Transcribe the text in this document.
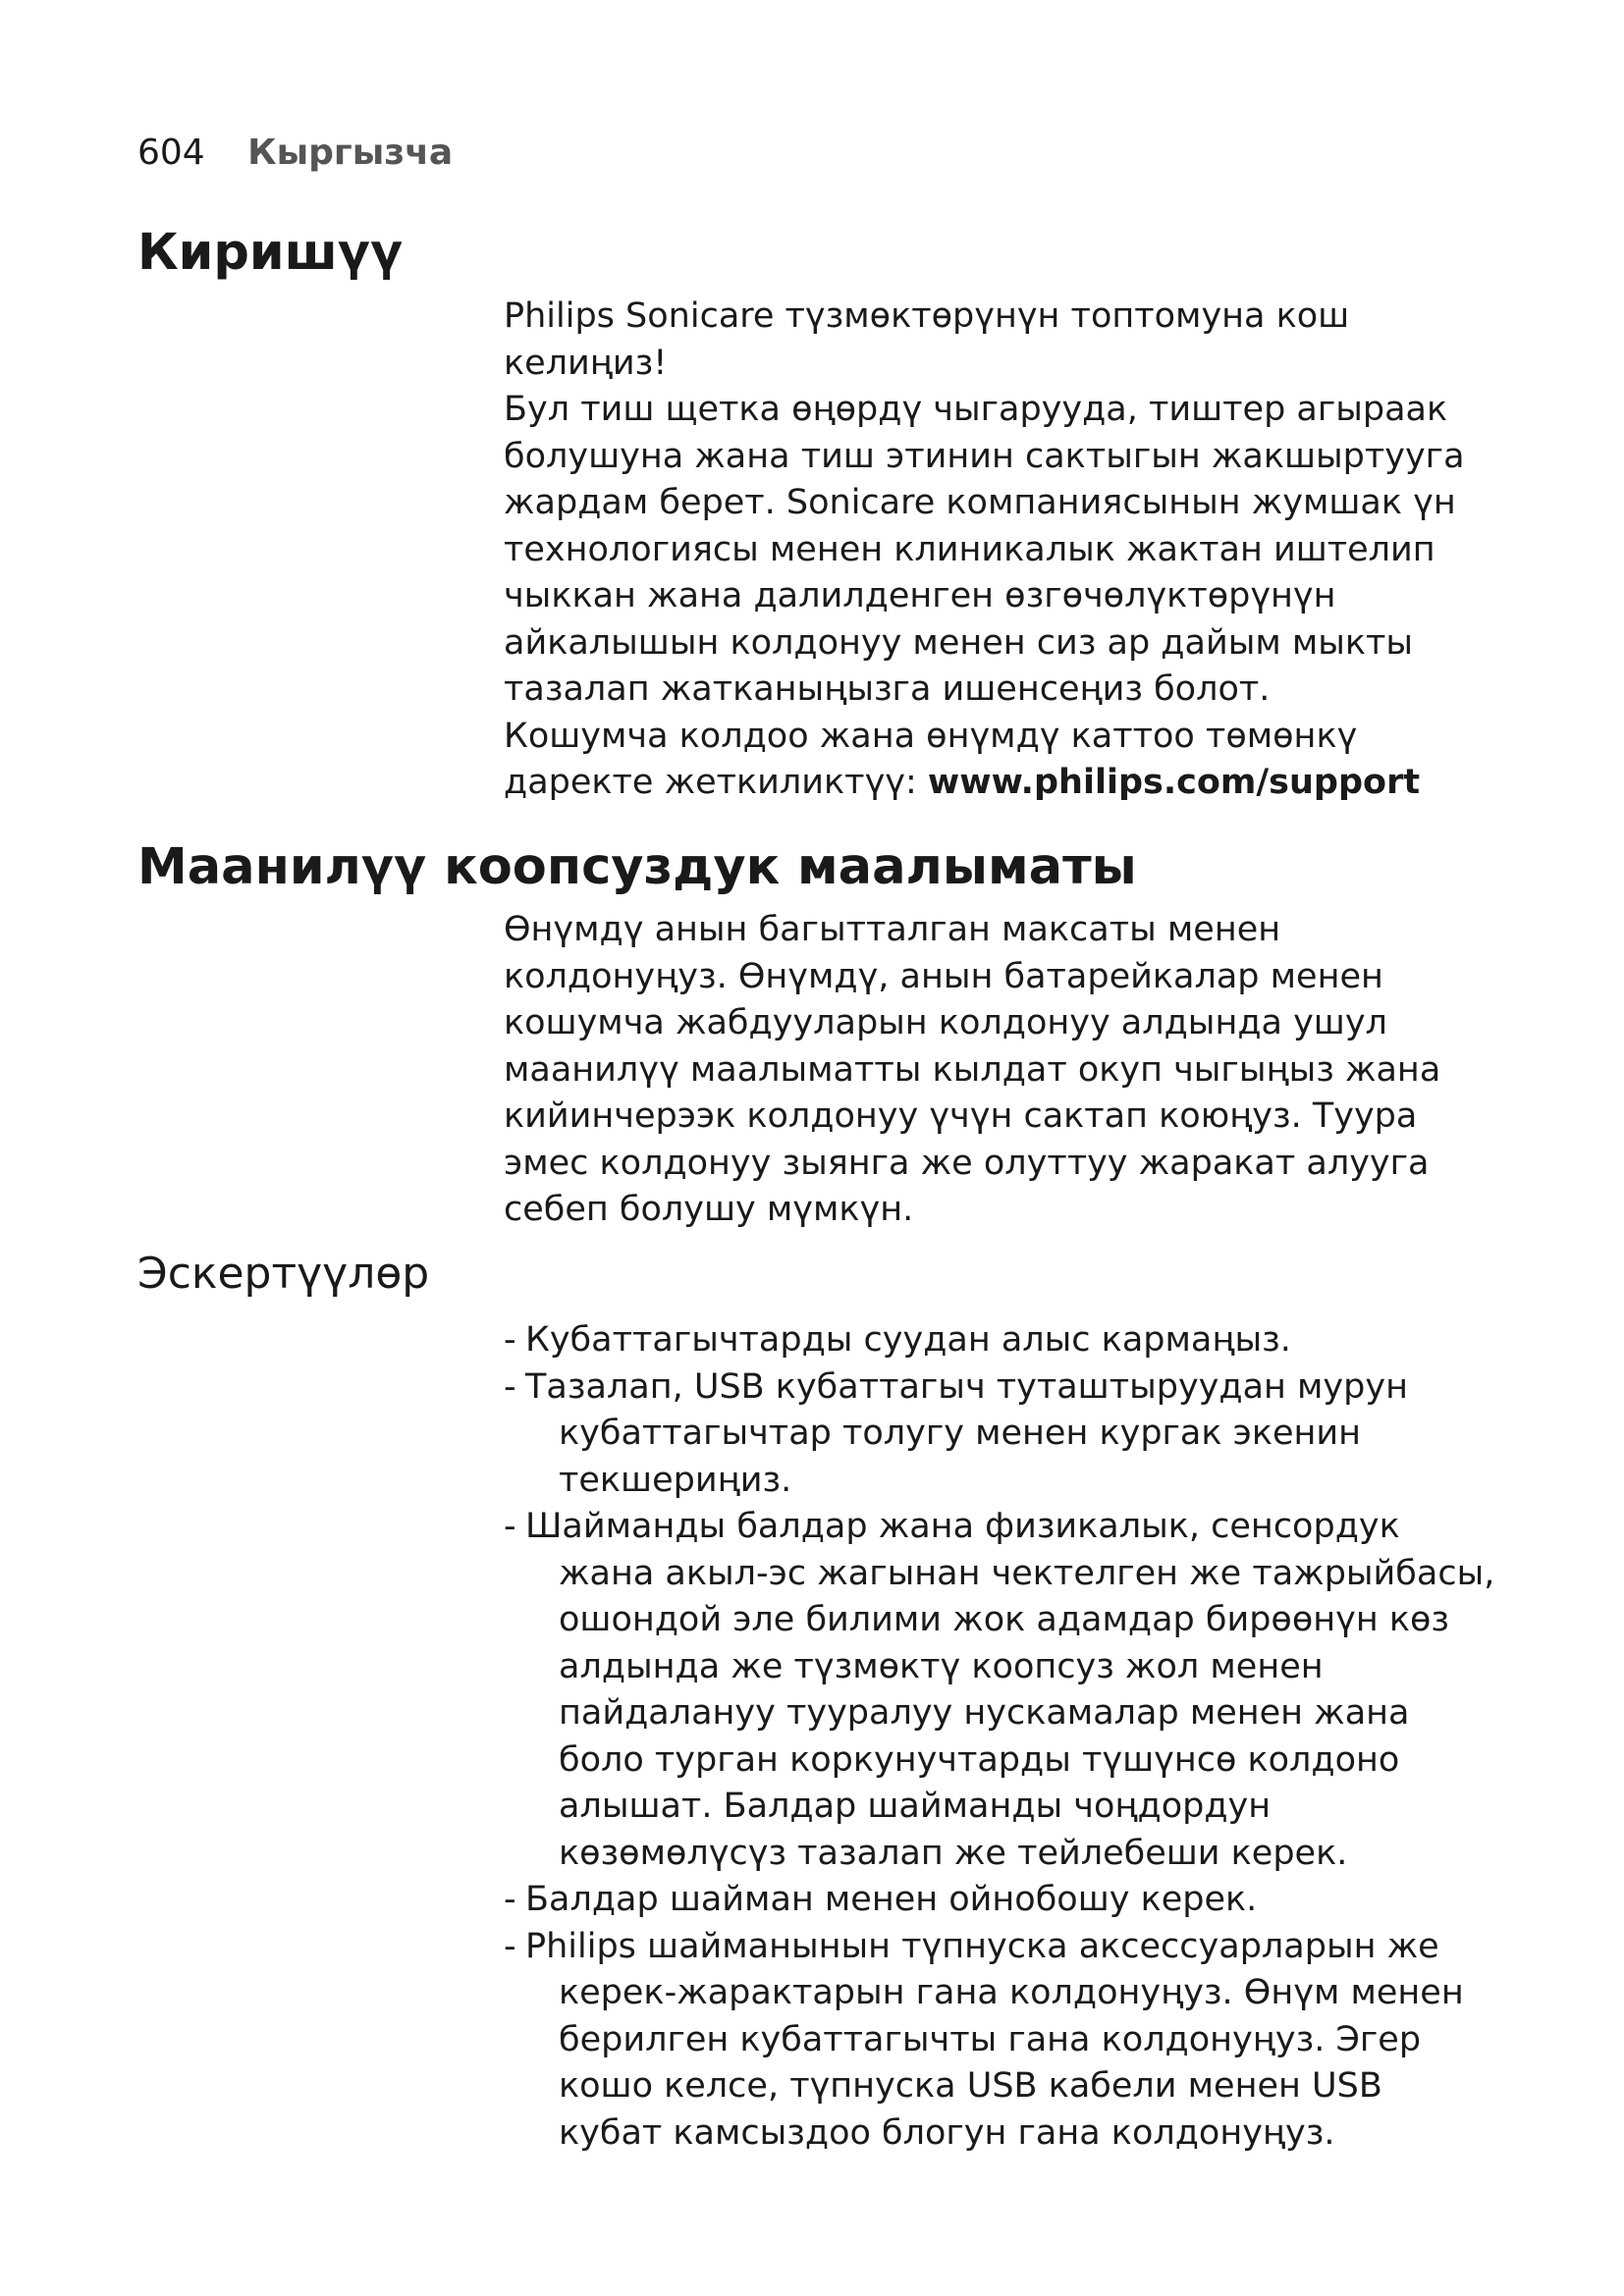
604 Кыргызча
Киришүү

Philips Sonicare түзмөктөрүнүн топтомуна кош келиңиз!

Бул тиш щетка өңөрдү чыгарууда, тиштер агыраак болушуна жана тиш этинин сактыгын жакшыртууга жардам берет. Sonicare компаниясынын жумшак үн технологиясы менен клиникалык жактан иштелип чыккан жана далилденген өзгөчөлүктөрүнүн айкалышын колдонуу менен сиз ар дайым мыкты тазалап жатканыңызга ишенсеңиз болот.

Кошумча колдоо жана өнүмдү каттоо төмөнкү даректе жеткиликтүү: www.philips.com/support

Маанилүү коопсуздук маалыматы

Өнүмдү анын багытталган максаты менен колдонуңуз. Өнүмдү, анын батарейкалар менен кошумча жабдууларын колдонуу алдында ушул маанилүү маалыматты кылдат окуп чыгыңыз жана кийинчерээк колдонуу үчүн сактап коюңуз. Туура эмес колдонуу зыянга же олуттуу жаракат алууга себеп болушу мүмкүн.

Эскертүүлөр
- Кубаттагычтарды суудан алыс кармаңыз.
- Тазалап, USB кубаттагыч туташтыруудан мурун кубаттагычтар толугу менен кургак экенин текшериңиз.
- Шайманды балдар жана физикалык, сенсордук жана акыл-эс жагынан чектелген же тажрыйбасы, ошондой эле билими жок адамдар бирөөнүн көз алдында же түзмөктү коопсуз жол менен пайдалануу тууралуу нускамалар менен жана боло турган коркунучтарды түшүнсө колдоно алышат. Балдар шайманды чоңдордун көзөмөлүсүз тазалап же тейлебеши керек.
- Балдар шайман менен ойнобошу керек.
- Philips шайманынын түпнуска аксессуарларын же керек-жарактарын гана колдонуңуз. Өнүм менен берилген кубаттагычты гана колдонуңуз. Эгер кошо келсе, түпнуска USB кабели менен USB кубат камсыздоо блогун гана колдонуңуз.
